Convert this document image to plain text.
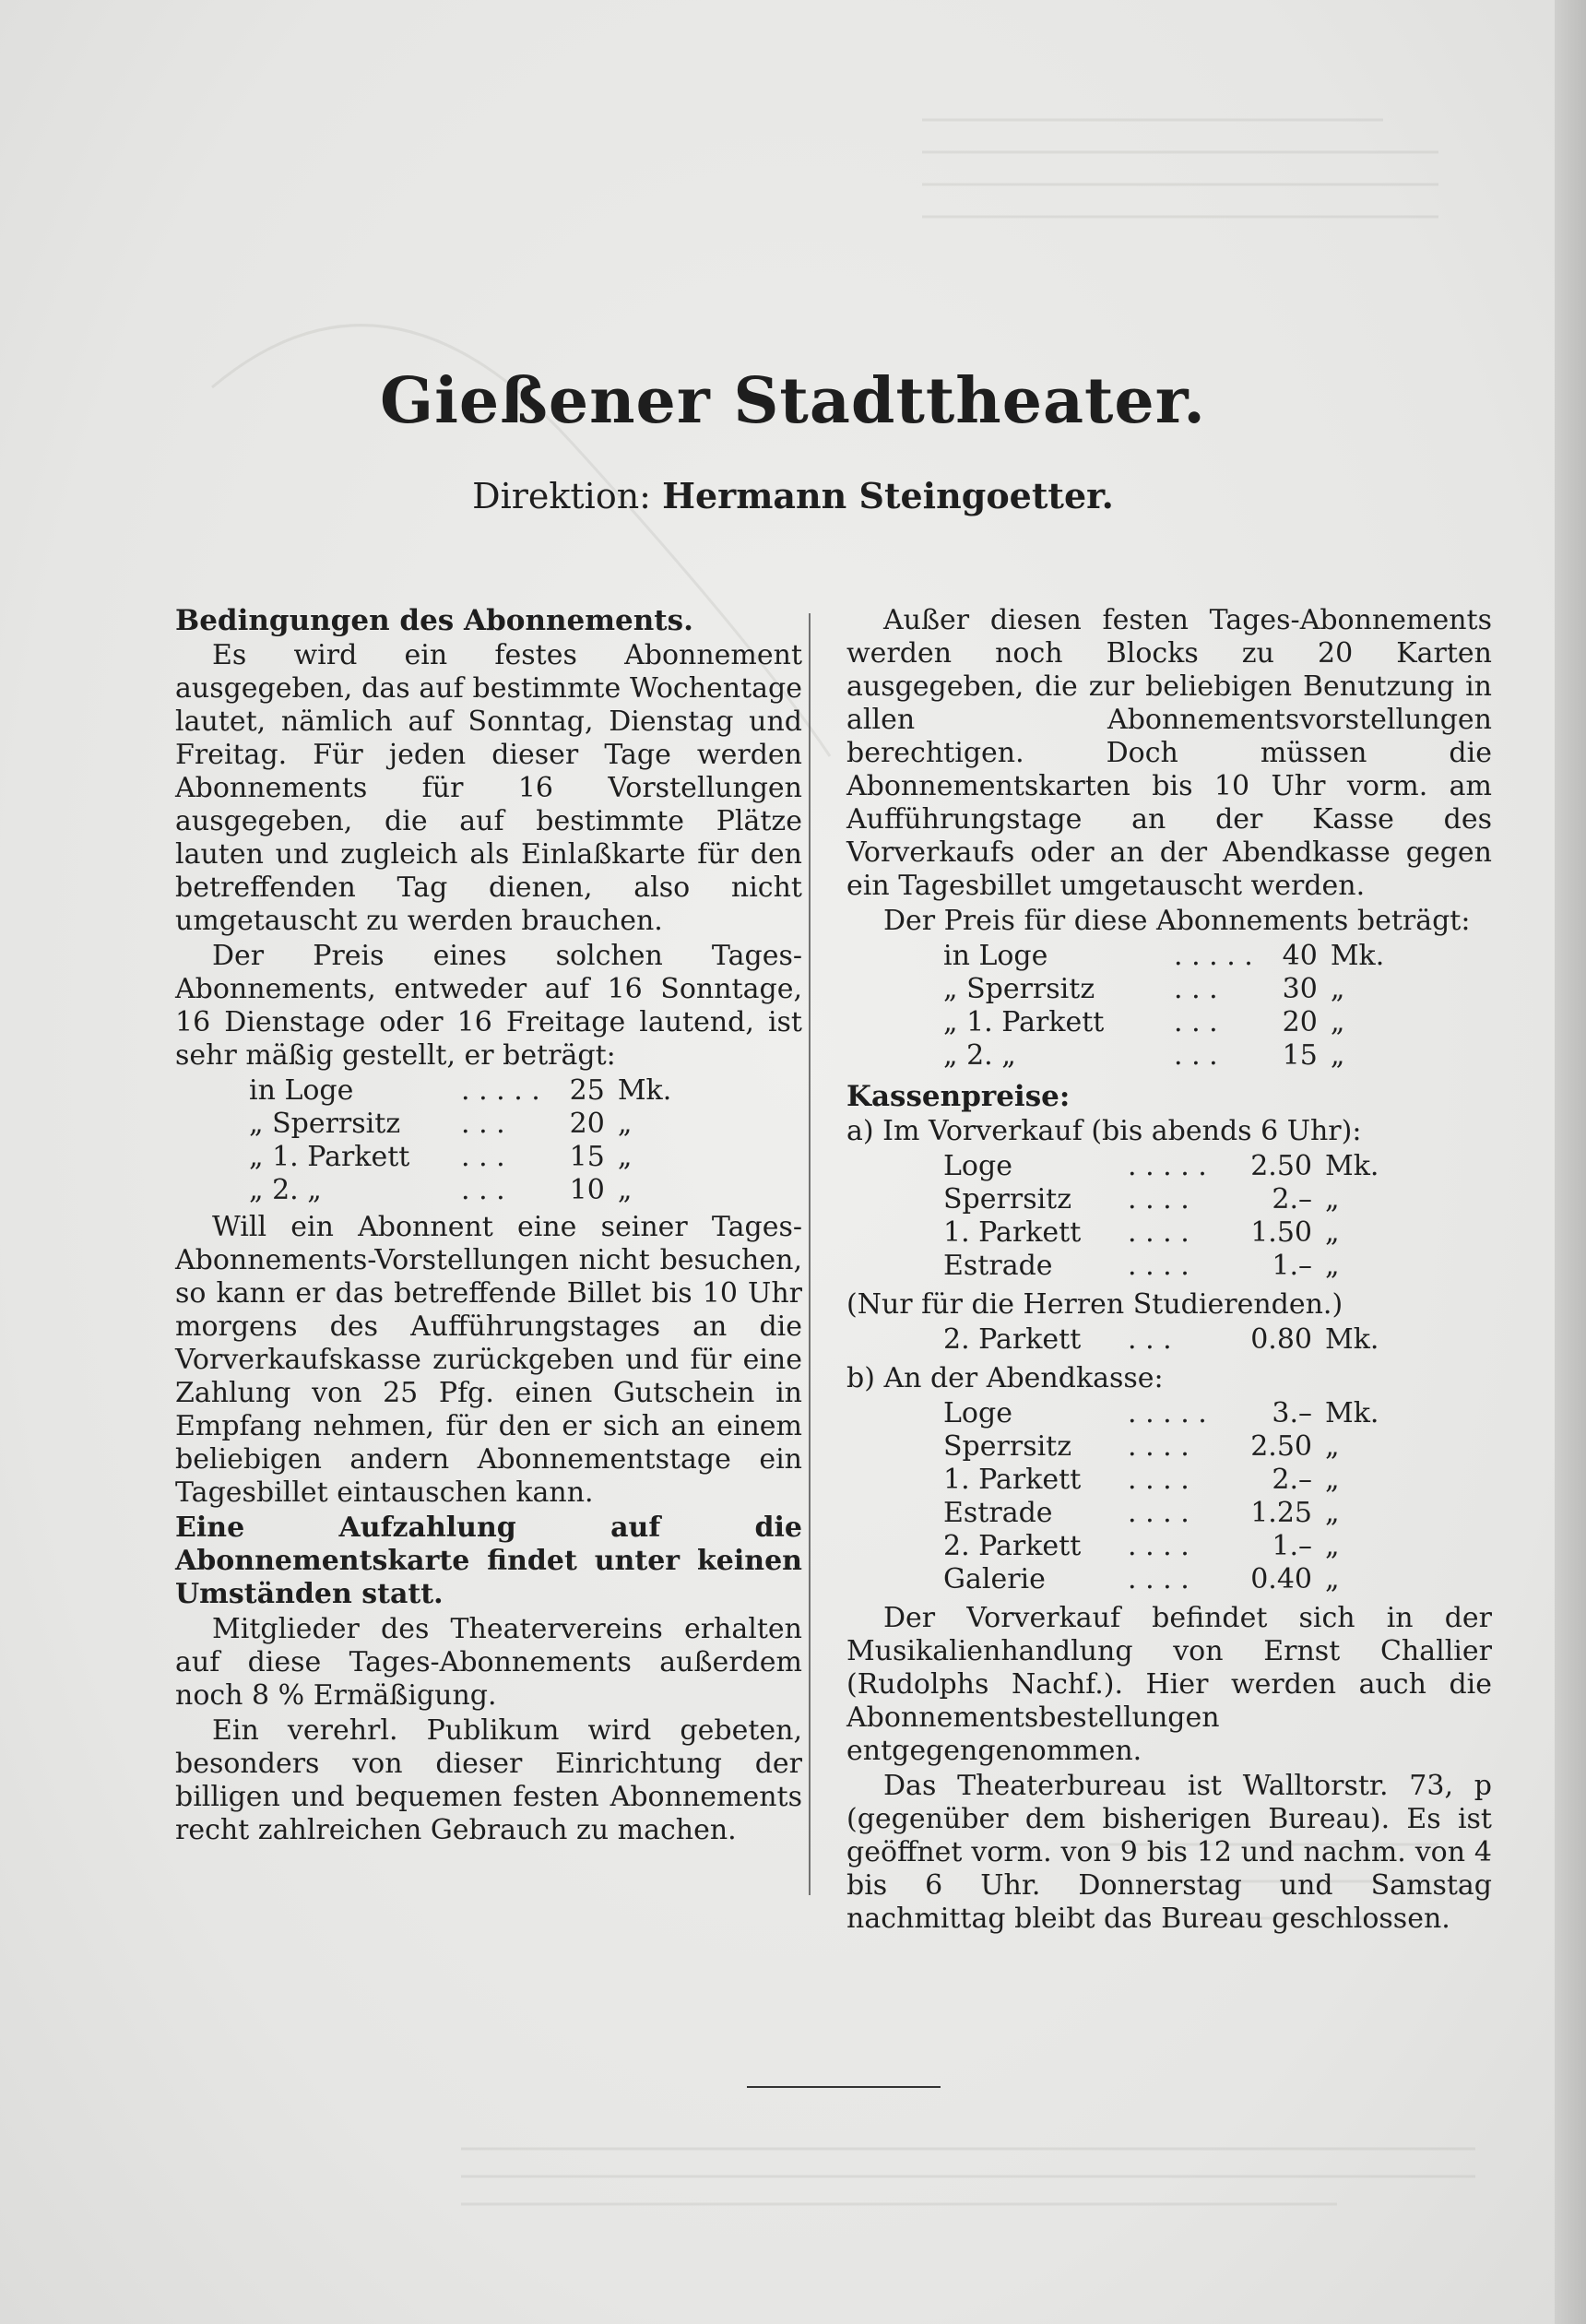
Gießener Stadttheater.
Direktion: Hermann Steingoetter.

Bedingungen des Abonnements.

Es wird ein festes Abonnement ausgegeben, das auf bestimmte Wochentage lautet, nämlich auf Sonntag, Dienstag und Freitag. Für jeden dieser Tage werden Abonnements für 16 Vorstellungen ausgegeben, die auf bestimmte Plätze lauten und zugleich als Einlaßkarte für den betreffenden Tag dienen, also nicht umgetauscht zu werden brauchen.

Der Preis eines solchen Tages-Abonnements, entweder auf 16 Sonntage, 16 Dienstage oder 16 Freitage lautend, ist sehr mäßig gestellt, er beträgt:

in Loge	. . . . .	25	Mk.
„ Sperrsitz	. . .	20	„
„ 1. Parkett	. . .	15	„
„ 2. „	. . .	10	„

Will ein Abonnent eine seiner Tages-Abonnements-Vorstellungen nicht besuchen, so kann er das betreffende Billet bis 10 Uhr morgens des Aufführungstages an die Vorverkaufskasse zurückgeben und für eine Zahlung von 25 Pfg. einen Gutschein in Empfang nehmen, für den er sich an einem beliebigen andern Abonnementstage ein Tagesbillet eintauschen kann.

Eine Aufzahlung auf die Abonnementskarte findet unter keinen Umständen statt.

Mitglieder des Theatervereins erhalten auf diese Tages-Abonnements außerdem noch 8 % Ermäßigung.

Ein verehrl. Publikum wird gebeten, besonders von dieser Einrichtung der billigen und bequemen festen Abonnements recht zahlreichen Gebrauch zu machen.

Außer diesen festen Tages-Abonnements werden noch Blocks zu 20 Karten ausgegeben, die zur beliebigen Benutzung in allen Abonnementsvorstellungen berechtigen. Doch müssen die Abonnementskarten bis 10 Uhr vorm. am Aufführungstage an der Kasse des Vorverkaufs oder an der Abendkasse gegen ein Tagesbillet umgetauscht werden.

Der Preis für diese Abonnements beträgt:

in Loge	. . . . .	40	Mk.
„ Sperrsitz	. . .	30	„
„ 1. Parkett	. . .	20	„
„ 2. „	. . .	15	„

Kassenpreise:

a) Im Vorverkauf (bis abends 6 Uhr):

Loge	. . . . .	2.50	Mk.
Sperrsitz	. . . .	2.–	„
1. Parkett	. . . .	1.50	„
Estrade	. . . .	1.–	„

(Nur für die Herren Studierenden.)

2. Parkett	. . .	0.80	Mk.

b) An der Abendkasse:

Loge	. . . . .	3.–	Mk.
Sperrsitz	. . . .	2.50	„
1. Parkett	. . . .	2.–	„
Estrade	. . . .	1.25	„
2. Parkett	. . . .	1.–	„
Galerie	. . . .	0.40	„

Der Vorverkauf befindet sich in der Musikalienhandlung von Ernst Challier (Rudolphs Nachf.). Hier werden auch die Abonnementsbestellungen entgegengenommen.

Das Theaterbureau ist Walltorstr. 73, p (gegenüber dem bisherigen Bureau). Es ist geöffnet vorm. von 9 bis 12 und nachm. von 4 bis 6 Uhr. Donnerstag und Samstag nachmittag bleibt das Bureau geschlossen.
